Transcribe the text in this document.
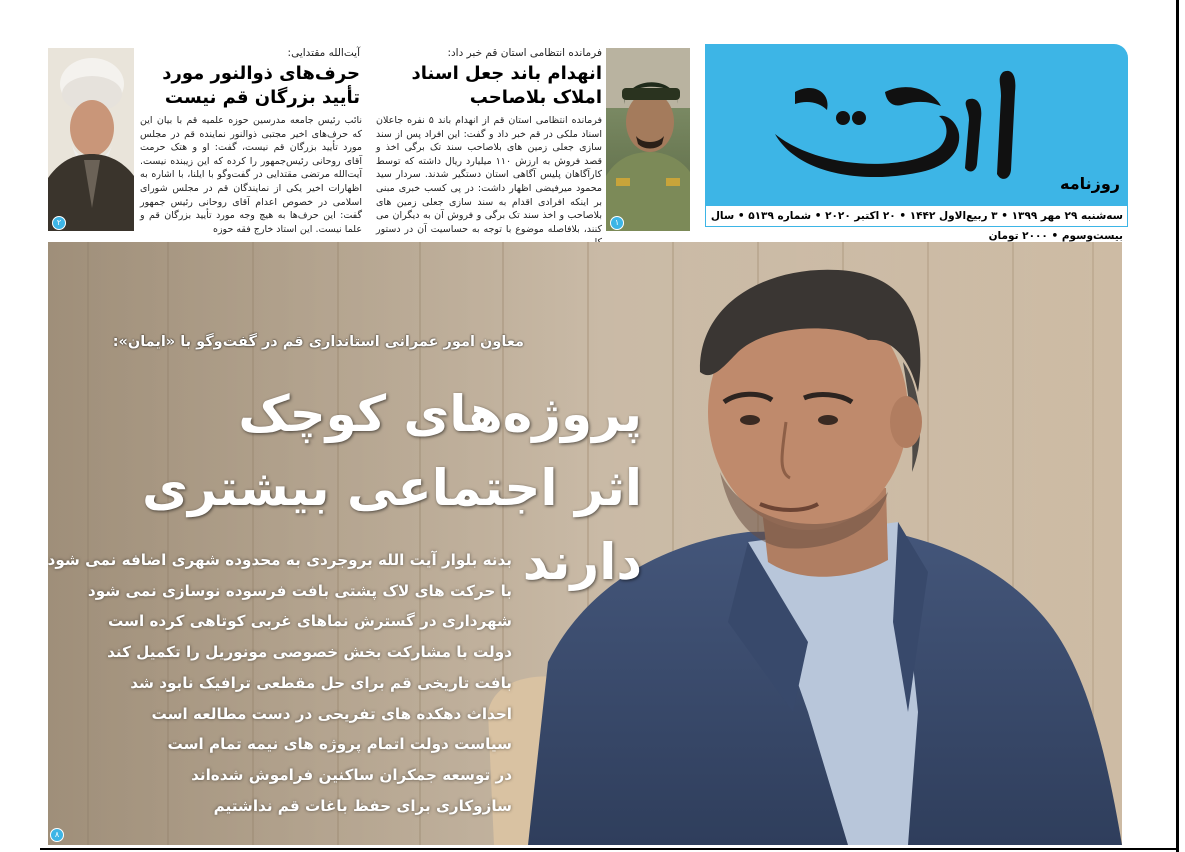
روزنامه
سه‌شنبه ۲۹ مهر ۱۳۹۹ • ۳ ربیع‌الاول ۱۴۴۲ • ۲۰ اکتبر ۲۰۲۰ • شماره ۵۱۳۹ • سال بیست‌وسوم • ۲۰۰۰ تومان
۱
فرمانده انتظامی استان قم خبر داد:
انهدام باند جعل اسناد املاک بلاصاحب
فرمانده انتظامی استان قم از انهدام باند ۵ نفره جاعلان اسناد ملکی در قم خبر داد و گفت: این افراد پس از سند سازی جعلی زمین های بلاصاحب سند تک برگی اخذ و قصد فروش به ارزش ۱۱۰ میلیارد ریال داشته که توسط کارآگاهان پلیس آگاهی استان دستگیر شدند. سردار سید محمود میرفیضی اظهار داشت: در پی کسب خبری مبنی بر اینکه افرادی اقدام به سند سازی جعلی زمین های بلاصاحب و اخذ سند تک برگی و فروش آن به دیگران می کنند، بلافاصله موضوع با توجه به حساسیت آن در دستور
آیت‌الله مقتدایی:
حرف‌های ذوالنور مورد تأیید بزرگان قم نیست
نائب رئیس جامعه مدرسین حوزه علمیه قم با بیان این که حرف‌های اخیر مجتبی ذوالنور نماینده قم در مجلس مورد تأیید بزرگان قم نیست، گفت: او و هتک حرمت آقای روحانی رئیس‌جمهور را کرده که این زیبنده نیست. آیت‌الله مرتضی مقتدایی در گفت‌وگو با ایلنا، با اشاره به اظهارات اخیر یکی از نمایندگان قم در مجلس شورای اسلامی در خصوص اعدام آقای روحانی رئیس جمهور گفت: این حرف‌ها به هیچ وجه مورد تأیید بزرگان قم و علما نیست. این استاد خارج فقه حوزه
۲
معاون امور عمرانی استانداری قم در گفت‌وگو با «ایمان»:
پروژه‌های کوچک
اثر اجتماعی بیشتری دارند
بدنه بلوار آیت الله بروجردی به محدوده شهری اضافه نمی شود
با حرکت های لاک پشتی بافت فرسوده نوسازی نمی شود
شهرداری در گسترش نماهای غربی کوتاهی کرده است
دولت با مشارکت بخش خصوصی مونوریل را تکمیل کند
بافت تاریخی قم برای حل مقطعی ترافیک نابود شد
احداث دهکده های تفریحی در دست مطالعه است
سیاست دولت اتمام پروژه های نیمه تمام است
در توسعه جمکران ساکنین فراموش شده‌اند
سازوکاری برای حفظ باغات قم نداشتیم
۸
